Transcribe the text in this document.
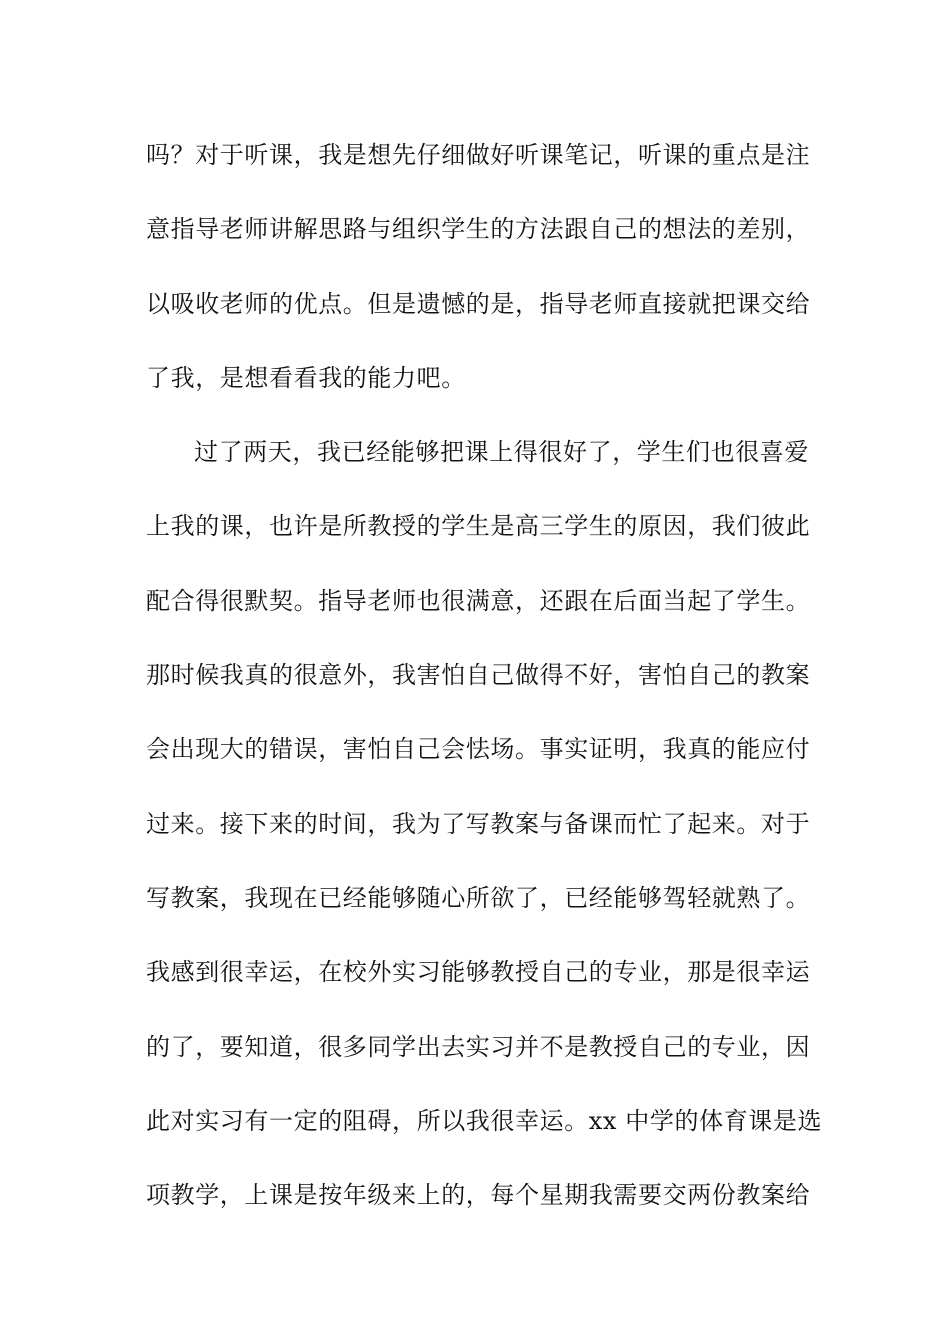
吗？对于听课，我是想先仔细做好听课笔记，听课的重点是注
意指导老师讲解思路与组织学生的方法跟自己的想法的差别，
以吸收老师的优点。但是遗憾的是，指导老师直接就把课交给
了我，是想看看我的能力吧。
过了两天，我已经能够把课上得很好了，学生们也很喜爱
上我的课，也许是所教授的学生是高三学生的原因，我们彼此
配合得很默契。指导老师也很满意，还跟在后面当起了学生。
那时候我真的很意外，我害怕自己做得不好，害怕自己的教案
会出现大的错误，害怕自己会怯场。事实证明，我真的能应付
过来。接下来的时间，我为了写教案与备课而忙了起来。对于
写教案，我现在已经能够随心所欲了，已经能够驾轻就熟了。
我感到很幸运，在校外实习能够教授自己的专业，那是很幸运
的了，要知道，很多同学出去实习并不是教授自己的专业，因
此对实习有一定的阻碍，所以我很幸运。xx 中学的体育课是选
项教学，上课是按年级来上的，每个星期我需要交两份教案给
